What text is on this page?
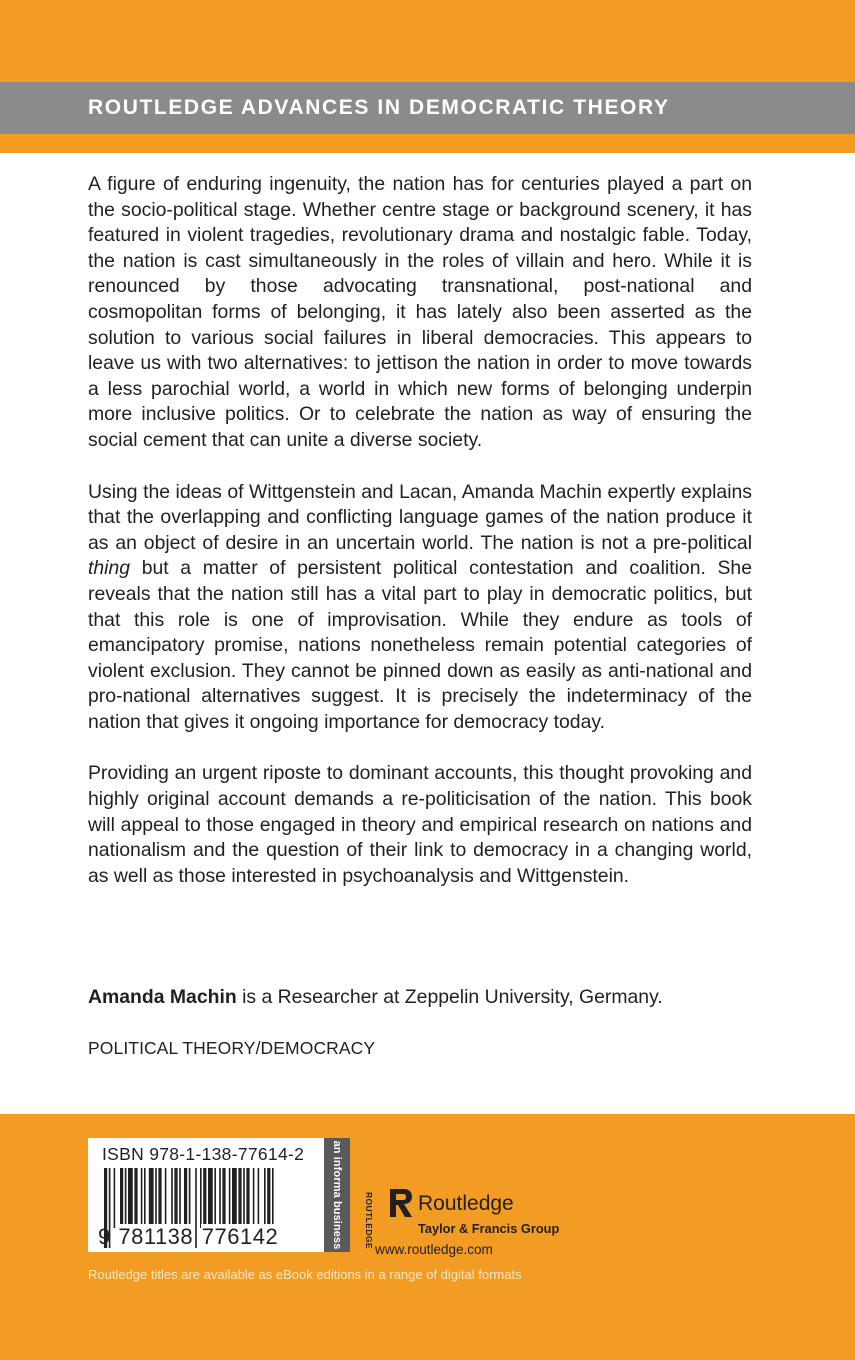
ROUTLEDGE ADVANCES IN DEMOCRATIC THEORY

A figure of enduring ingenuity, the nation has for centuries played a part on the socio-political stage. Whether centre stage or background scenery, it has featured in violent tragedies, revolutionary drama and nostalgic fable. Today, the nation is cast simultaneously in the roles of villain and hero. While it is renounced by those advocating transnational, post-national and cosmopolitan forms of belonging, it has lately also been asserted as the solution to various social failures in liberal democracies. This appears to leave us with two alternatives: to jettison the nation in order to move towards a less parochial world, a world in which new forms of belonging underpin more inclusive politics. Or to celebrate the nation as way of ensuring the social cement that can unite a diverse society.

Using the ideas of Wittgenstein and Lacan, Amanda Machin expertly explains that the overlapping and conflicting language games of the nation produce it as an object of desire in an uncertain world. The nation is not a pre-political thing but a matter of persistent political contestation and coalition. She reveals that the nation still has a vital part to play in democratic politics, but that this role is one of improvisation. While they endure as tools of emancipatory promise, nations nonetheless remain potential categories of violent exclusion. They cannot be pinned down as easily as anti-national and pro-national alternatives suggest. It is precisely the indeterminacy of the nation that gives it ongoing importance for democracy today.

Providing an urgent riposte to dominant accounts, this thought provoking and highly original account demands a re-politicisation of the nation. This book will appeal to those engaged in theory and empirical research on nations and nationalism and the question of their link to democracy in a changing world, as well as those interested in psychoanalysis and Wittgenstein.

Amanda Machin is a Researcher at Zeppelin University, Germany.
POLITICAL THEORY/DEMOCRACY
ISBN 978-1-138-77614-2
9 781138 776142	an informa business ROUTLEDGE Routledge
Taylor & Francis Group
www.routledge.com
Routledge titles are available as eBook editions in a range of digital formats
